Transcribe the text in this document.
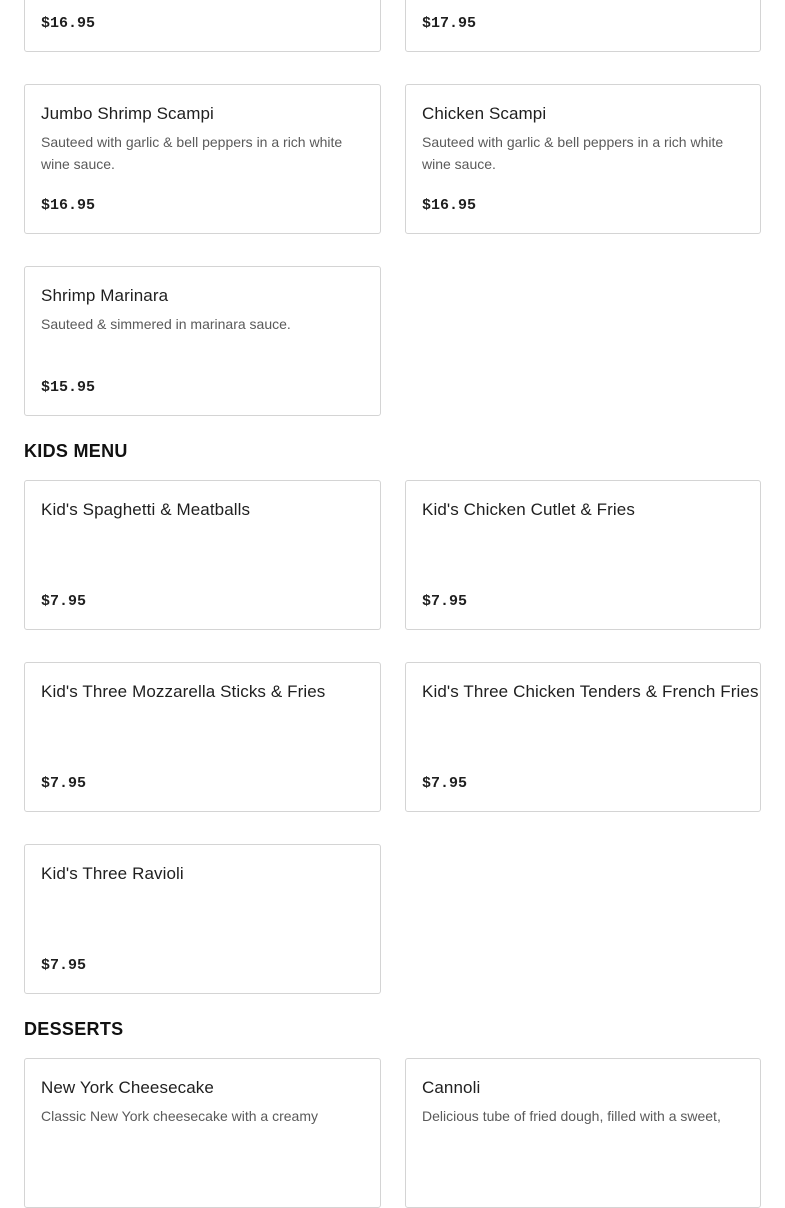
$16.95	$17.95
Jumbo Shrimp Scampi
Sauteed with garlic & bell peppers in a rich white wine sauce.
$16.95
Chicken Scampi
Sauteed with garlic & bell peppers in a rich white wine sauce.
$16.95
Shrimp Marinara
Sauteed & simmered in marinara sauce.
$15.95
KIDS MENU
Kid's Spaghetti & Meatballs
$7.95
Kid's Chicken Cutlet & Fries
$7.95
Kid's Three Mozzarella Sticks & Fries
$7.95
Kid's Three Chicken Tenders & French Fries
$7.95
Kid's Three Ravioli
$7.95
DESSERTS
New York Cheesecake
Classic New York cheesecake with a creamy
Cannoli
Delicious tube of fried dough, filled with a sweet,
